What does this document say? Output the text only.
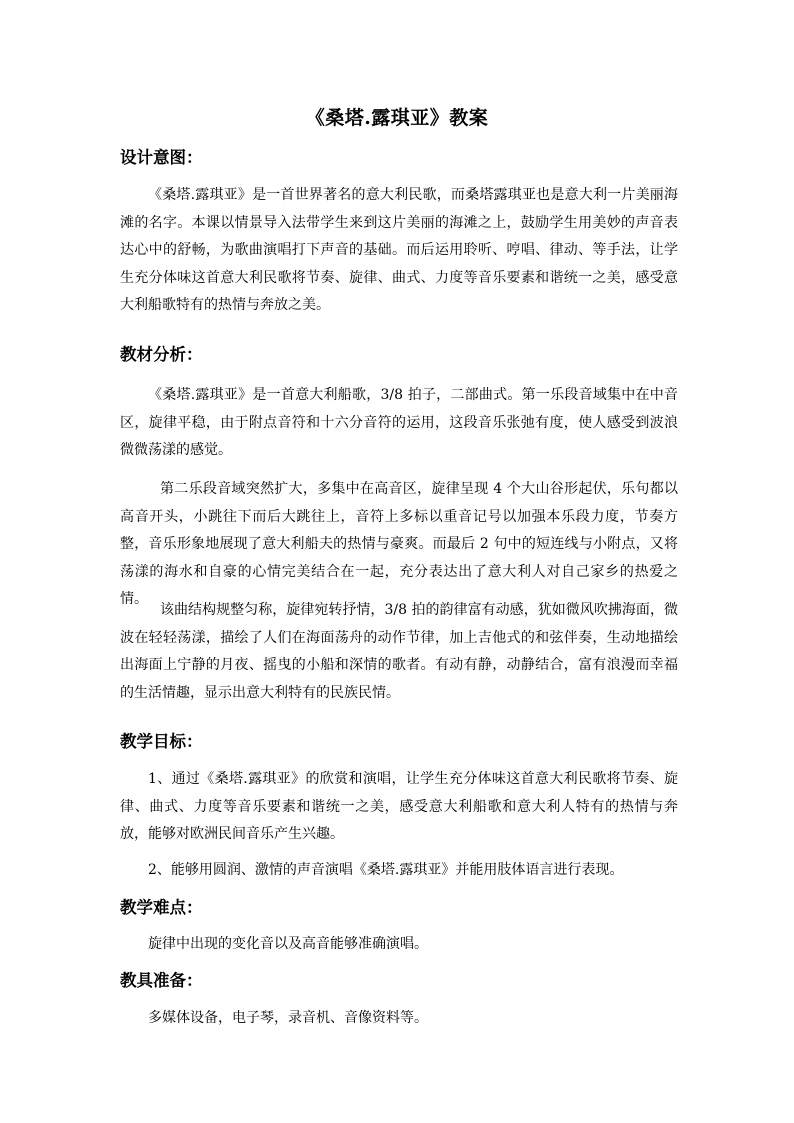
《桑塔.露琪亚》教案
设计意图：

《桑塔.露琪亚》是一首世界著名的意大利民歌，而桑塔露琪亚也是意大利一片美丽海滩的名字。本课以情景导入法带学生来到这片美丽的海滩之上，鼓励学生用美妙的声音表达心中的舒畅，为歌曲演唱打下声音的基础。而后运用聆听、哼唱、律动、等手法，让学生充分体味这首意大利民歌将节奏、旋律、曲式、力度等音乐要素和谐统一之美，感受意大利船歌特有的热情与奔放之美。

教材分析：

《桑塔.露琪亚》是一首意大利船歌，3/8 拍子，二部曲式。第一乐段音域集中在中音区，旋律平稳，由于附点音符和十六分音符的运用，这段音乐张弛有度，使人感受到波浪微微荡漾的感觉。

第二乐段音域突然扩大，多集中在高音区，旋律呈现 4 个大山谷形起伏，乐句都以高音开头，小跳往下而后大跳往上，音符上多标以重音记号以加强本乐段力度，节奏方整，音乐形象地展现了意大利船夫的热情与豪爽。而最后 2 句中的短连线与小附点，又将荡漾的海水和自豪的心情完美结合在一起，充分表达出了意大利人对自己家乡的热爱之情。

该曲结构规整匀称，旋律宛转抒情，3/8 拍的韵律富有动感，犹如微风吹拂海面，微波在轻轻荡漾，描绘了人们在海面荡舟的动作节律，加上吉他式的和弦伴奏，生动地描绘出海面上宁静的月夜、摇曳的小船和深情的歌者。有动有静，动静结合，富有浪漫而幸福的生活情趣，显示出意大利特有的民族民情。

教学目标：

1、通过《桑塔.露琪亚》的欣赏和演唱，让学生充分体味这首意大利民歌将节奏、旋律、曲式、力度等音乐要素和谐统一之美，感受意大利船歌和意大利人特有的热情与奔放，能够对欧洲民间音乐产生兴趣。

2、能够用圆润、激情的声音演唱《桑塔.露琪亚》并能用肢体语言进行表现。

教学难点：

旋律中出现的变化音以及高音能够准确演唱。

教具准备：

多媒体设备，电子琴，录音机、音像资料等。
